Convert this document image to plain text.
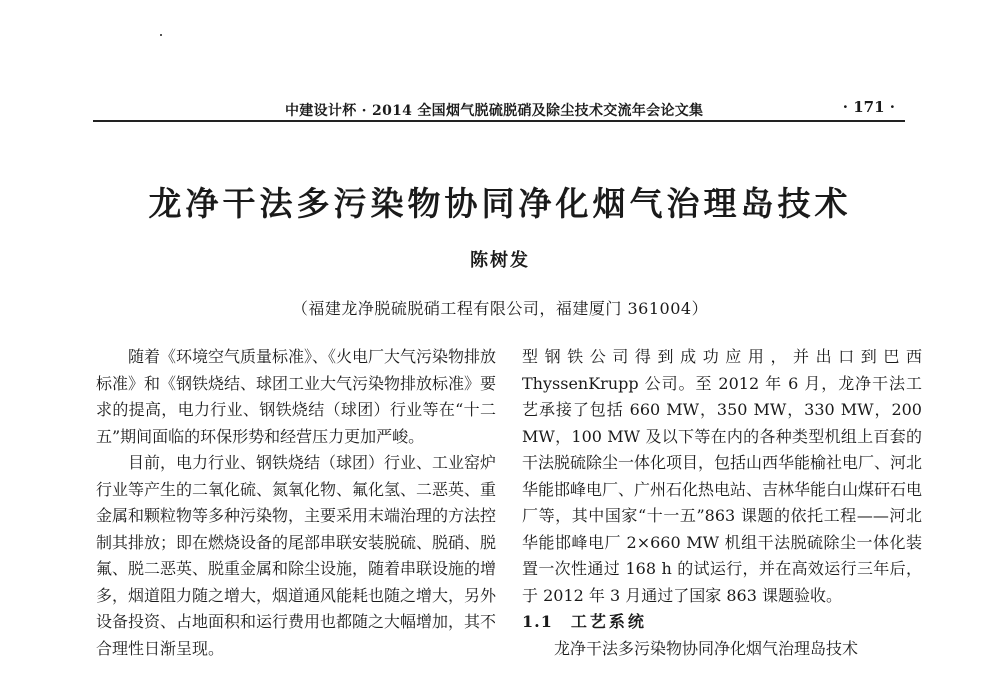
中建设计杯 · 2014 全国烟气脱硫脱硝及除尘技术交流年会论文集	· 171 ·
龙净干法多污染物协同净化烟气治理岛技术
陈树发
（福建龙净脱硫脱硝工程有限公司，福建厦门 361004）

随着《环境空气质量标准》、《火电厂大气污染物排放标准》和《钢铁烧结、球团工业大气污染物排放标准》要求的提高，电力行业、钢铁烧结（球团）行业等在“十二五”期间面临的环保形势和经营压力更加严峻。

目前，电力行业、钢铁烧结（球团）行业、工业窑炉行业等产生的二氧化硫、氮氧化物、氟化氢、二恶英、重金属和颗粒物等多种污染物，主要采用末端治理的方法控制其排放；即在燃烧设备的尾部串联安装脱硫、脱硝、脱氟、脱二恶英、脱重金属和除尘设施，随着串联设施的增多，烟道阻力随之增大，烟道通风能耗也随之增大，另外设备投资、占地面积和运行费用也都随之大幅增加，其不合理性日渐呈现。

型钢铁公司得到成功应用，并出口到巴西 ThyssenKrupp 公司。至 2012 年 6 月，龙净干法工艺承接了包括 660 MW，350 MW，330 MW，200 MW，100 MW 及以下等在内的各种类型机组上百套的干法脱硫除尘一体化项目，包括山西华能榆社电厂、河北华能邯峰电厂、广州石化热电站、吉林华能白山煤矸石电厂等，其中国家“十一五”863 课题的依托工程——河北华能邯峰电厂 2×660 MW 机组干法脱硫除尘一体化装置一次性通过 168 h 的试运行，并在高效运行三年后，于 2012 年 3 月通过了国家 863 课题验收。

1.1 工艺系统

龙净干法多污染物协同净化烟气治理岛技术
